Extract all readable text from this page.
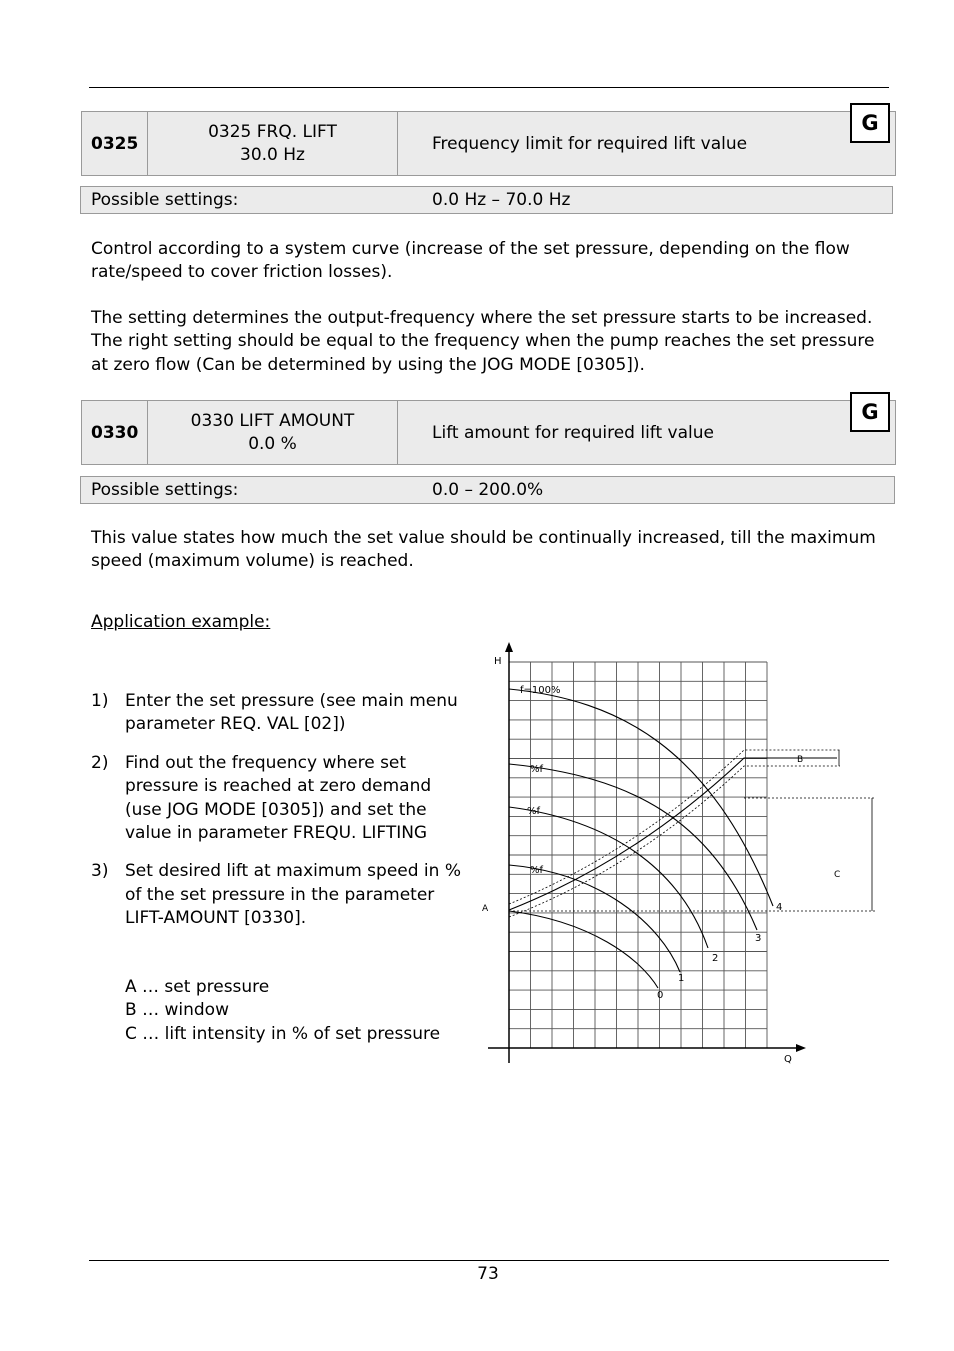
0325
0325 FRQ. LIFT
30.0 Hz
Frequency limit for required lift value
G
Possible settings:	0.0 Hz – 70.0 Hz

Control according to a system curve (increase of the set pressure, depending on the flow rate/speed to cover friction losses).

The setting determines the output-frequency where the set pressure starts to be increased. The right setting should be equal to the frequency when the pump reaches the set pressure at zero flow (Can be determined by using the JOG MODE [0305]).

0330
0330 LIFT AMOUNT
0.0 %
Lift amount for required lift value
G
Possible settings:	0.0 – 200.0%

This value states how much the set value should be continually increased, till the maximum speed (maximum volume) is reached.

Application example:
1) Enter the set pressure (see main menu parameter REQ. VAL [02])
2) Find out the frequency where set pressure is reached at zero demand (use JOG MODE [0305]) and set the value in parameter FREQU. LIFTING
3) Set desired lift at maximum speed in % of the set pressure in the parameter LIFT-AMOUNT [0330].
A … set pressure
B … window
C … lift intensity in % of set pressure
H
Q
f=100%
%f
%f
%f
0
1
2
3
4
A
B
C
73
